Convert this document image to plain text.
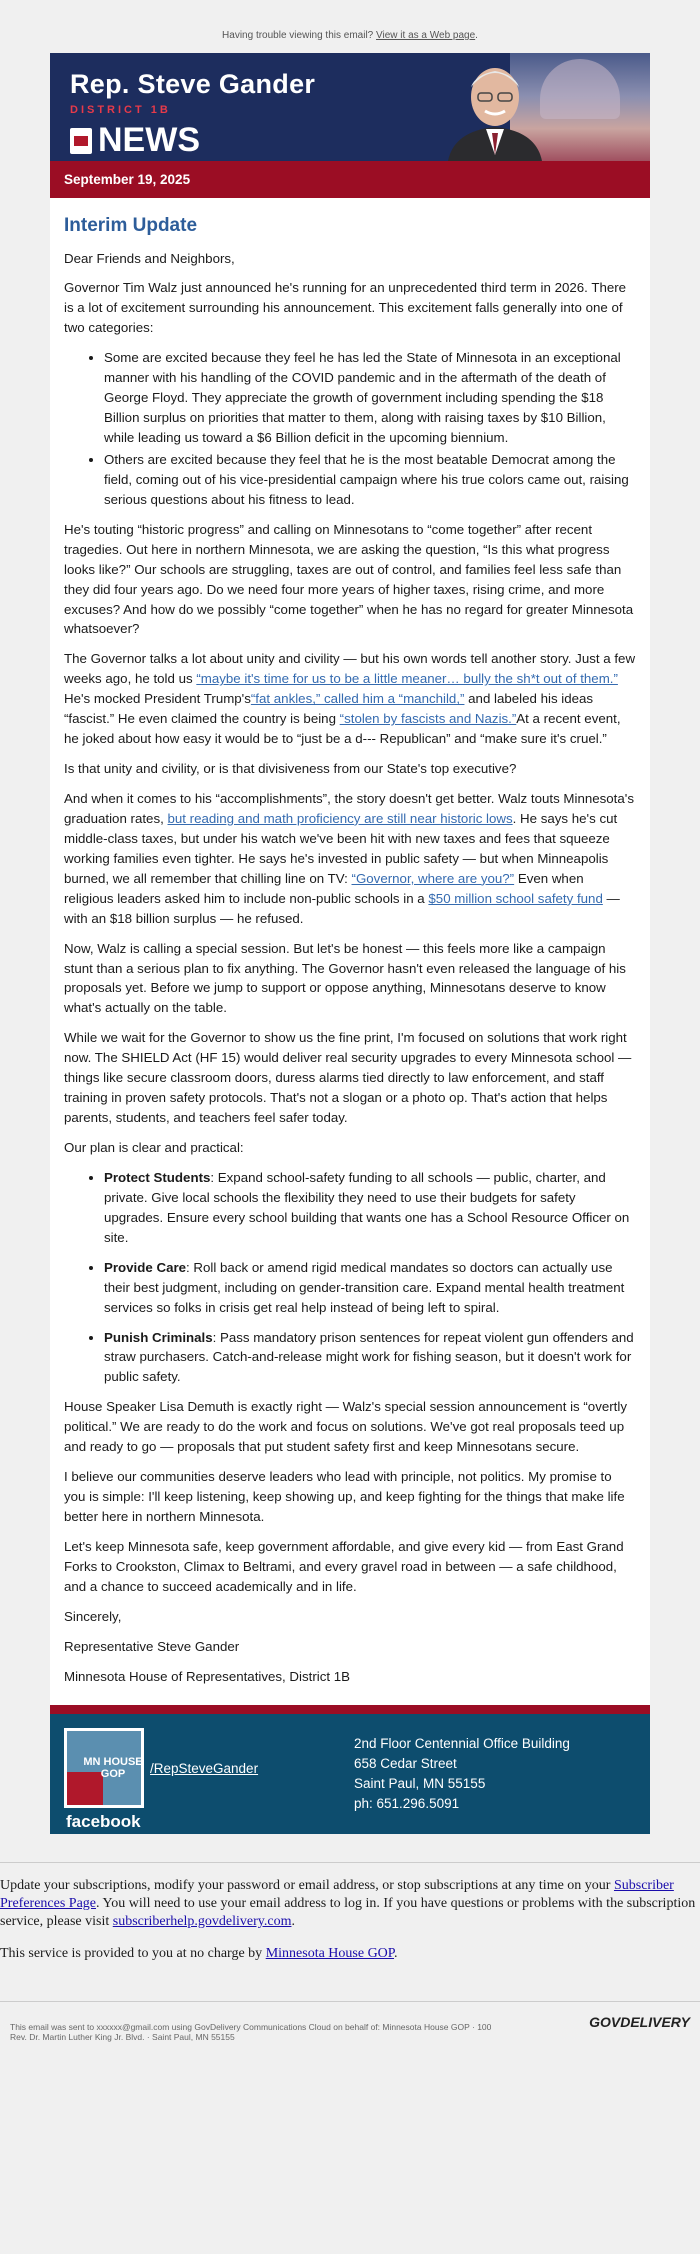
Having trouble viewing this email? View it as a Web page.
Rep. Steve Gander
DISTRICT 1B
NEWS
September 19, 2025
Interim Update

Dear Friends and Neighbors,

Governor Tim Walz just announced he's running for an unprecedented third term in 2026. There is a lot of excitement surrounding his announcement. This excitement falls generally into one of two categories:

• Some are excited because they feel he has led the State of Minnesota in an exceptional manner with his handling of the COVID pandemic and in the aftermath of the death of George Floyd. They appreciate the growth of government including spending the $18 Billion surplus on priorities that matter to them, along with raising taxes by $10 Billion, while leading us toward a $6 Billion deficit in the upcoming biennium.
• Others are excited because they feel that he is the most beatable Democrat among the field, coming out of his vice-presidential campaign where his true colors came out, raising serious questions about his fitness to lead.

He's touting “historic progress” and calling on Minnesotans to “come together” after recent tragedies. Out here in northern Minnesota, we are asking the question, “Is this what progress looks like?” Our schools are struggling, taxes are out of control, and families feel less safe than they did four years ago. Do we need four more years of higher taxes, rising crime, and more excuses? And how do we possibly “come together” when he has no regard for greater Minnesota whatsoever?

The Governor talks a lot about unity and civility — but his own words tell another story. Just a few weeks ago, he told us “maybe it's time for us to be a little meaner… bully the sh*t out of them.” He's mocked President Trump's“fat ankles,” called him a “manchild,” and labeled his ideas “fascist.” He even claimed the country is being “stolen by fascists and Nazis.”At a recent event, he joked about how easy it would be to “just be a d--- Republican” and “make sure it's cruel.”

Is that unity and civility, or is that divisiveness from our State's top executive?

And when it comes to his “accomplishments”, the story doesn't get better. Walz touts Minnesota's graduation rates, but reading and math proficiency are still near historic lows. He says he's cut middle-class taxes, but under his watch we've been hit with new taxes and fees that squeeze working families even tighter. He says he's invested in public safety — but when Minneapolis burned, we all remember that chilling line on TV: “Governor, where are you?” Even when religious leaders asked him to include non-public schools in a $50 million school safety fund — with an $18 billion surplus — he refused.

Now, Walz is calling a special session. But let's be honest — this feels more like a campaign stunt than a serious plan to fix anything. The Governor hasn't even released the language of his proposals yet. Before we jump to support or oppose anything, Minnesotans deserve to know what's actually on the table.

While we wait for the Governor to show us the fine print, I'm focused on solutions that work right now. The SHIELD Act (HF 15) would deliver real security upgrades to every Minnesota school — things like secure classroom doors, duress alarms tied directly to law enforcement, and staff training in proven safety protocols. That's not a slogan or a photo op. That's action that helps parents, students, and teachers feel safer today.

Our plan is clear and practical:

• Protect Students: Expand school-safety funding to all schools — public, charter, and private. Give local schools the flexibility they need to use their budgets for safety upgrades. Ensure every school building that wants one has a School Resource Officer on site.
• Provide Care: Roll back or amend rigid medical mandates so doctors can actually use their best judgment, including on gender-transition care. Expand mental health treatment services so folks in crisis get real help instead of being left to spiral.
• Punish Criminals: Pass mandatory prison sentences for repeat violent gun offenders and straw purchasers. Catch-and-release might work for fishing season, but it doesn't work for public safety.

House Speaker Lisa Demuth is exactly right — Walz's special session announcement is “overtly political.” We are ready to do the work and focus on solutions. We've got real proposals teed up and ready to go — proposals that put student safety first and keep Minnesotans secure.

I believe our communities deserve leaders who lead with principle, not politics. My promise to you is simple: I'll keep listening, keep showing up, and keep fighting for the things that make life better here in northern Minnesota.

Let's keep Minnesota safe, keep government affordable, and give every kid — from East Grand Forks to Crookston, Climax to Beltrami, and every gravel road in between — a safe childhood, and a chance to succeed academically and in life.

Sincerely,

Representative Steve Gander

Minnesota House of Representatives, District 1B

MN HOUSE GOP
facebook
/RepSteveGander
2nd Floor Centennial Office Building
658 Cedar Street
Saint Paul, MN 55155
ph: 651.296.5091

Update your subscriptions, modify your password or email address, or stop subscriptions at any time on your Subscriber Preferences Page. You will need to use your email address to log in. If you have questions or problems with the subscription service, please visit subscriberhelp.govdelivery.com.

This service is provided to you at no charge by Minnesota House GOP.

This email was sent to xxxxxx@gmail.com using GovDelivery Communications Cloud on behalf of: Minnesota House GOP · 100
Rev. Dr. Martin Luther King Jr. Blvd. · Saint Paul, MN 55155
GOVDELIVERY
